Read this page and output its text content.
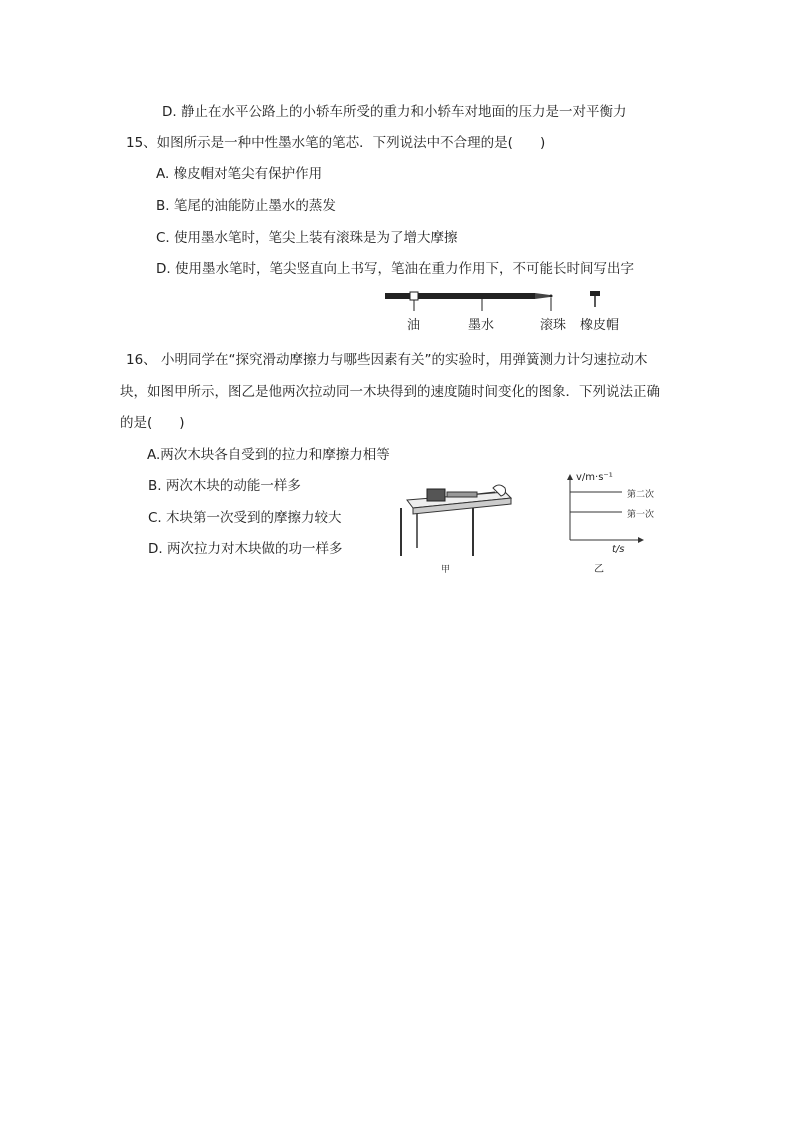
D. 静止在水平公路上的小轿车所受的重力和小轿车对地面的压力是一对平衡力
15、如图所示是一种中性墨水笔的笔芯．下列说法中不合理的是(　　)
A. 橡皮帽对笔尖有保护作用
B. 笔尾的油能防止墨水的蒸发
C. 使用墨水笔时，笔尖上装有滚珠是为了增大摩擦
D. 使用墨水笔时，笔尖竖直向上书写，笔油在重力作用下，不可能长时间写出字
油	墨水	滚珠 橡皮帽
16、 小明同学在“探究滑动摩擦力与哪些因素有关”的实验时，用弹簧测力计匀速拉动木
块，如图甲所示，图乙是他两次拉动同一木块得到的速度随时间变化的图象．下列说法正确
的是(　　)
A.两次木块各自受到的拉力和摩擦力相等
B. 两次木块的动能一样多
C. 木块第一次受到的摩擦力较大
D. 两次拉力对木块做的功一样多
甲
v/m·s⁻¹
第二次
第一次
t/s
乙
